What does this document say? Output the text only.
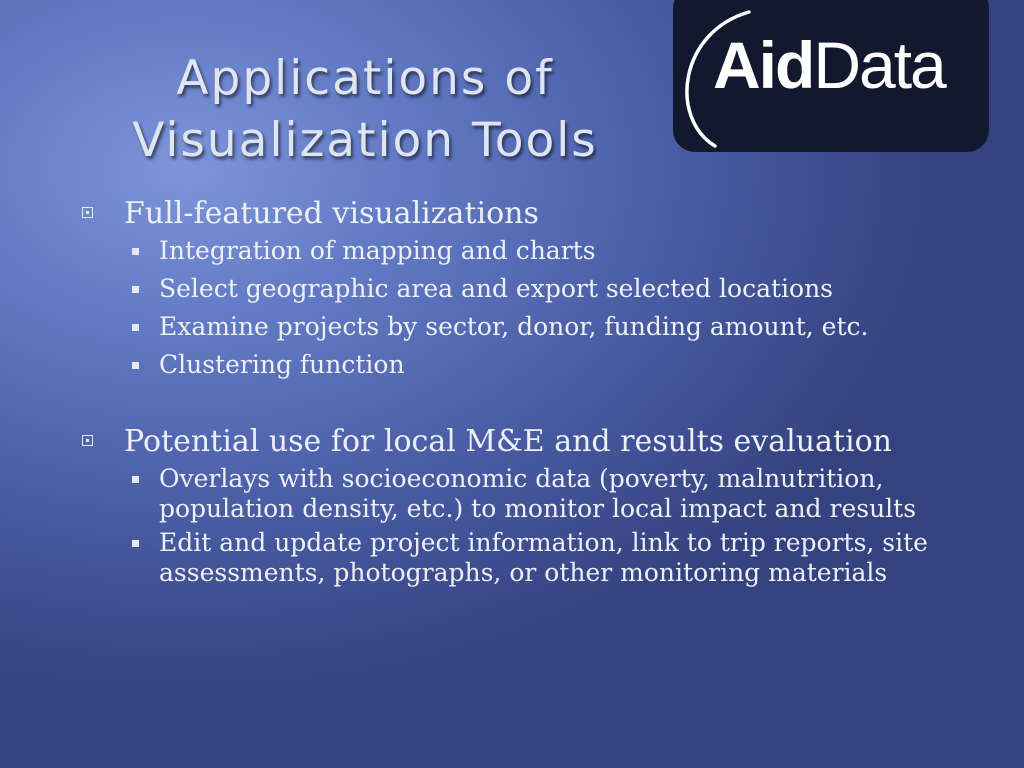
Applications of
Visualization Tools
AidData
Full-featured visualizations
Integration of mapping and charts
Select geographic area and export selected locations
Examine projects by sector, donor, funding amount, etc.
Clustering function
Potential use for local M&E and results evaluation
Overlays with socioeconomic data (poverty, malnutrition, population density, etc.) to monitor local impact and results
Edit and update project information, link to trip reports, site assessments, photographs, or other monitoring materials
